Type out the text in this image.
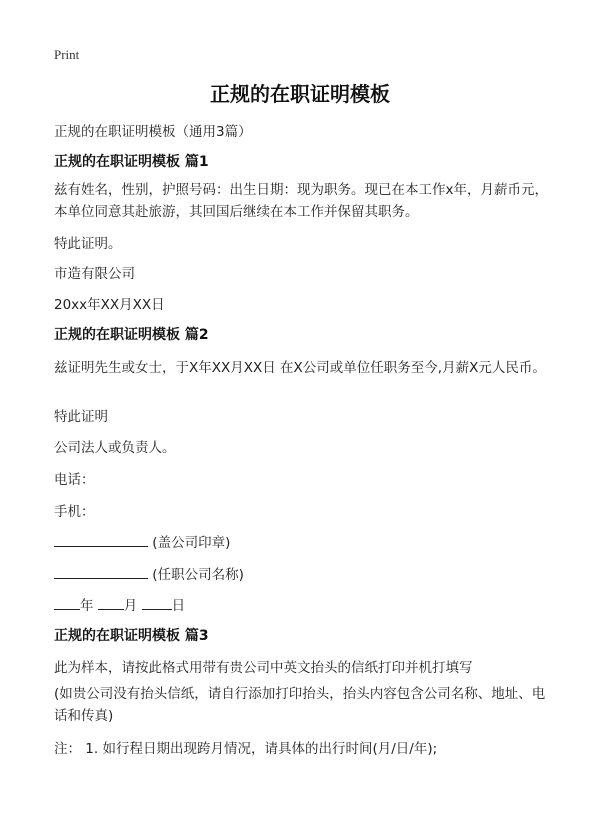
Print
正规的在职证明模板
正规的在职证明模板（通用3篇）
正规的在职证明模板 篇1
兹有姓名，性别，护照号码：出生日期：现为职务。现已在本工作x年，月薪币元，本单位同意其赴旅游，其回国后继续在本工作并保留其职务。
特此证明。
市造有限公司
20xx年XX月XX日
正规的在职证明模板 篇2
兹证明先生或女士，于X年XX月XX日 在X公司或单位任职务至今,月薪X元人民币。
特此证明
公司法人或负责人。
电话：
手机：
(盖公司印章)
(任职公司名称)
年 月	日
正规的在职证明模板 篇3
此为样本，请按此格式用带有贵公司中英文抬头的信纸打印并机打填写
(如贵公司没有抬头信纸，请自行添加打印抬头，抬头内容包含公司名称、地址、电话和传真)
注： 1. 如行程日期出现跨月情况，请具体的出行时间(月/日/年);
